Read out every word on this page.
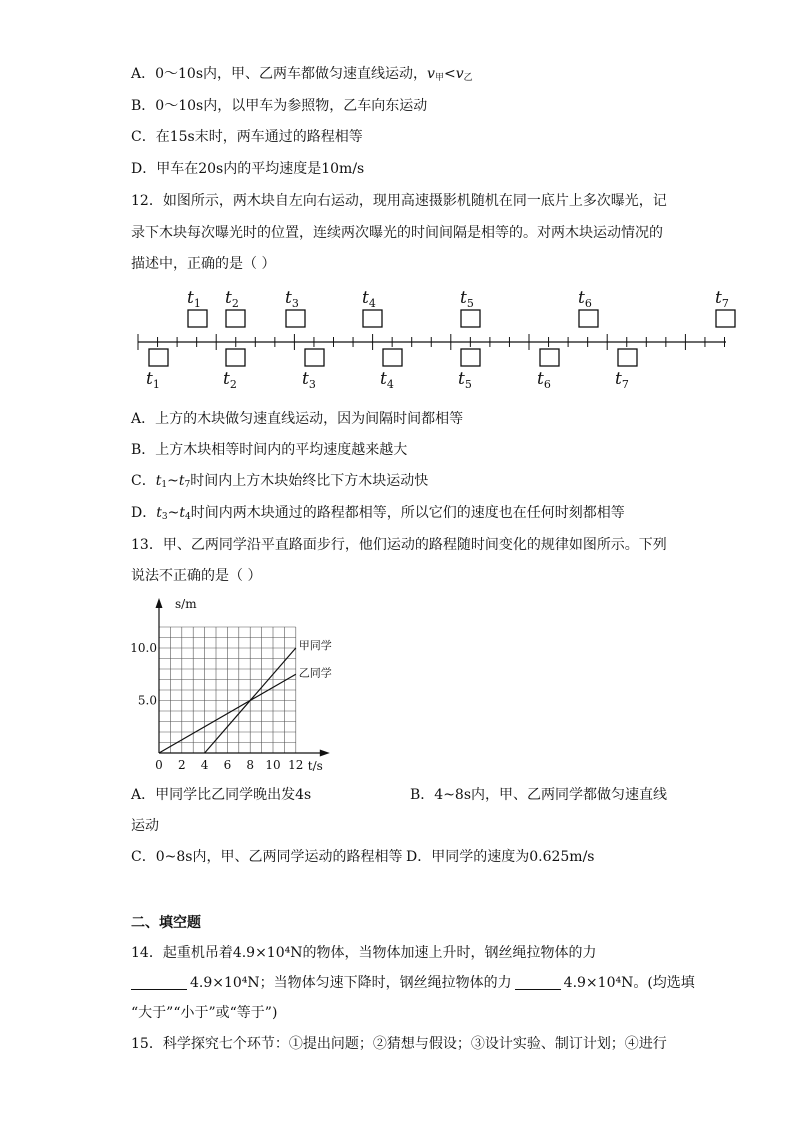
A．0～10s内，甲、乙两车都做匀速直线运动，$v_甲<v_乙$
B．0～10s内，以甲车为参照物，乙车向东运动
C．在15s末时，两车通过的路程相等
D．甲车在20s内的平均速度是10m/s
12．如图所示，两木块自左向右运动，现用高速摄影机随机在同一底片上多次曝光，记
录下木块每次曝光时的位置，连续两次曝光的时间间隔是相等的。对两木块运动情况的
描述中，正确的是（ ）
$t_1$ $t_2$	$t_3$	$t_4$	$t_5$	$t_6$	$t_7$
$t_1$	$t_2$	$t_3$	$t_4$	$t_5$	$t_6$	$t_7$
A．上方的木块做匀速直线运动，因为间隔时间都相等
B．上方木块相等时间内的平均速度越来越大
C．$t_1\sim t_7$时间内上方木块始终比下方木块运动快
D．$t_3\sim t_4$时间内两木块通过的路程都相等，所以它们的速度也在任何时刻都相等
13．甲、乙两同学沿平直路面步行，他们运动的路程随时间变化的规律如图所示。下列
说法不正确的是（ ）
s/m
t/s
0 2 4 6 8 10 12
5.0
10.0	甲同学
乙同学
A．甲同学比乙同学晚出发4s	B．4~8s内，甲、乙两同学都做匀速直线
运动
C．0~8s内，甲、乙两同学运动的路程相等 D．甲同学的速度为0.625m/s
二、填空题
14．起重机吊着4.9×10⁴N的物体，当物体加速上升时，钢丝绳拉物体的力
4.9×10⁴N；当物体匀速下降时，钢丝绳拉物体的力	4.9×10⁴N。(均选填
“大于”“小于”或“等于”)
15．科学探究七个环节：①提出问题；②猜想与假设；③设计实验、制订计划；④进行
